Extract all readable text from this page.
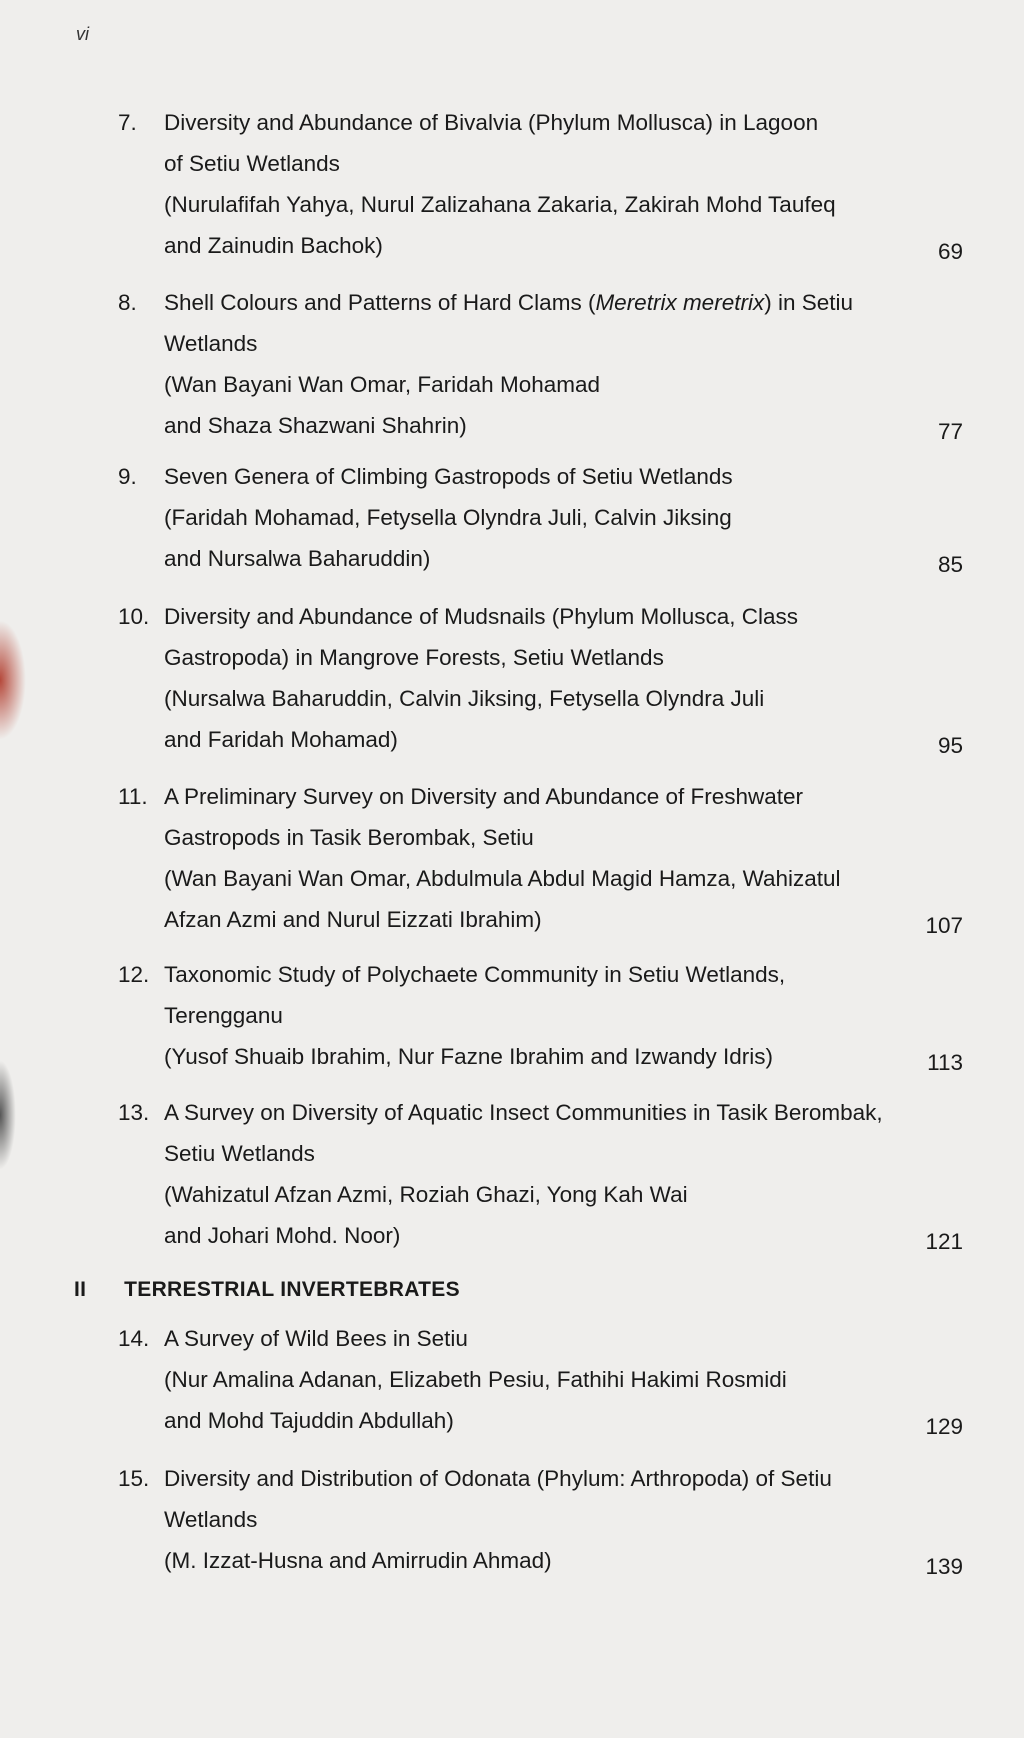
vi
7. Diversity and Abundance of Bivalvia (Phylum Mollusca) in Lagoon
of Setiu Wetlands
(Nurulafifah Yahya, Nurul Zalizahana Zakaria, Zakirah Mohd Taufeq
and Zainudin Bachok)	69
8. Shell Colours and Patterns of Hard Clams (Meretrix meretrix) in Setiu
Wetlands
(Wan Bayani Wan Omar, Faridah Mohamad
and Shaza Shazwani Shahrin)	77
9. Seven Genera of Climbing Gastropods of Setiu Wetlands
(Faridah Mohamad, Fetysella Olyndra Juli, Calvin Jiksing
and Nursalwa Baharuddin)	85
10. Diversity and Abundance of Mudsnails (Phylum Mollusca, Class
Gastropoda) in Mangrove Forests, Setiu Wetlands
(Nursalwa Baharuddin, Calvin Jiksing, Fetysella Olyndra Juli
and Faridah Mohamad)	95
11. A Preliminary Survey on Diversity and Abundance of Freshwater
Gastropods in Tasik Berombak, Setiu
(Wan Bayani Wan Omar, Abdulmula Abdul Magid Hamza, Wahizatul
Afzan Azmi and Nurul Eizzati Ibrahim)	107
12. Taxonomic Study of Polychaete Community in Setiu Wetlands,
Terengganu
(Yusof Shuaib Ibrahim, Nur Fazne Ibrahim and Izwandy Idris)	113
13. A Survey on Diversity of Aquatic Insect Communities in Tasik Berombak,
Setiu Wetlands
(Wahizatul Afzan Azmi, Roziah Ghazi, Yong Kah Wai
and Johari Mohd. Noor)	121
II TERRESTRIAL INVERTEBRATES
14. A Survey of Wild Bees in Setiu
(Nur Amalina Adanan, Elizabeth Pesiu, Fathihi Hakimi Rosmidi
and Mohd Tajuddin Abdullah)	129
15. Diversity and Distribution of Odonata (Phylum: Arthropoda) of Setiu
Wetlands
(M. Izzat-Husna and Amirrudin Ahmad)	139
